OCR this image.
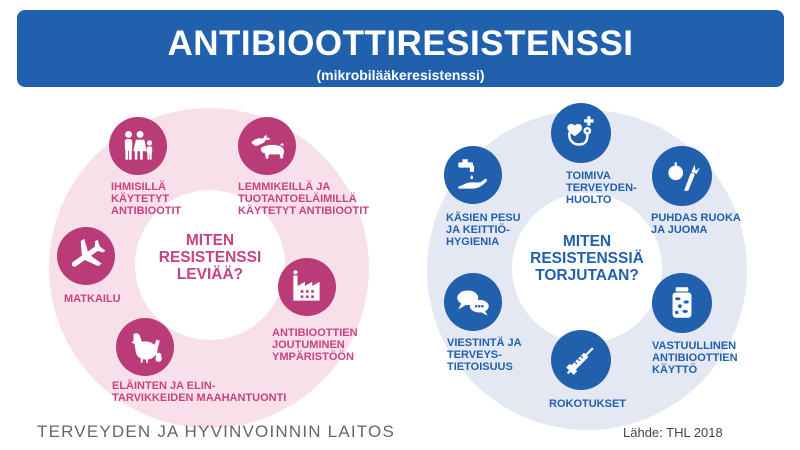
ANTIBIOOTTIRESISTENSSI
(mikrobilääkeresistenssi)
MITEN
RESISTENSSI
LEVIÄÄ?
IHMISILLÄ
KÄYTETYT
ANTIBIOOTIT
LEMMIKEILLÄ JA
TUOTANTOELÄIMILLÄ
KÄYTETYT ANTIBIOOTIT
MATKAILU
ANTIBIOOTTIEN
JOUTUMINEN
YMPÄRISTÖÖN
ELÄINTEN JA ELIN-
TARVIKKEIDEN MAAHANTUONTI
MITEN
RESISTENSSIÄ
TORJUTAAN?
KÄSIEN PESU
JA KEITTIÖ-
HYGIENIA
TOIMIVA
TERVEYDEN-
HUOLTO
PUHDAS RUOKA
JA JUOMA
VIESTINTÄ JA
TERVEYS-
TIETOISUUS
ROKOTUKSET
VASTUULLINEN
ANTIBIOOTTIEN
KÄYTTÖ
TERVEYDEN JA HYVINVOINNIN LAITOS	Lähde: THL 2018
